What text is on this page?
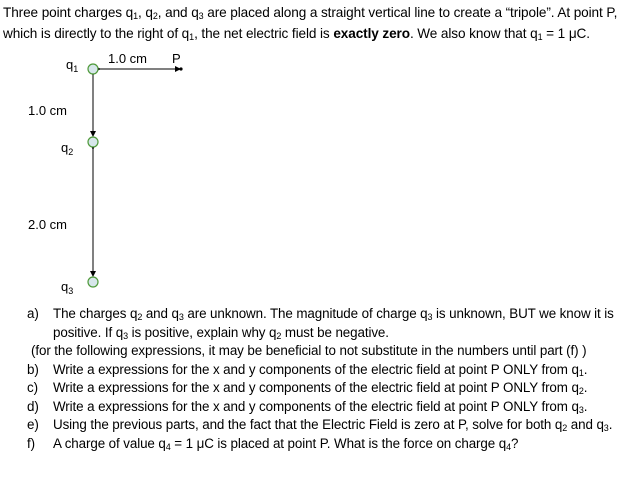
Three point charges $q_1$, $q_2$, and $q_3$ are placed along a straight vertical line to create a “tripole”. At point P, which is directly to the right of $q_1$, the net electric field is exactly zero. We also know that $q_1 = 1$ μC.
$q_1$
1.0 cm P
1.0 cm
$q_2$
2.0 cm
$q_3$
a) The charges $q_2$ and $q_3$ are unknown. The magnitude of charge $q_3$ is unknown, BUT we know it is
positive. If $q_3$ is positive, explain why $q_2$ must be negative.
(for the following expressions, it may be beneficial to not substitute in the numbers until part (f) )
b) Write a expressions for the x and y components of the electric field at point P ONLY from $q_1$.
c) Write a expressions for the x and y components of the electric field at point P ONLY from $q_2$.
d) Write a expressions for the x and y components of the electric field at point P ONLY from $q_3$.
e) Using the previous parts, and the fact that the Electric Field is zero at P, solve for both $q_2$ and $q_3$.
f) A charge of value $q_4 = 1$ μC is placed at point P. What is the force on charge $q_4$?
